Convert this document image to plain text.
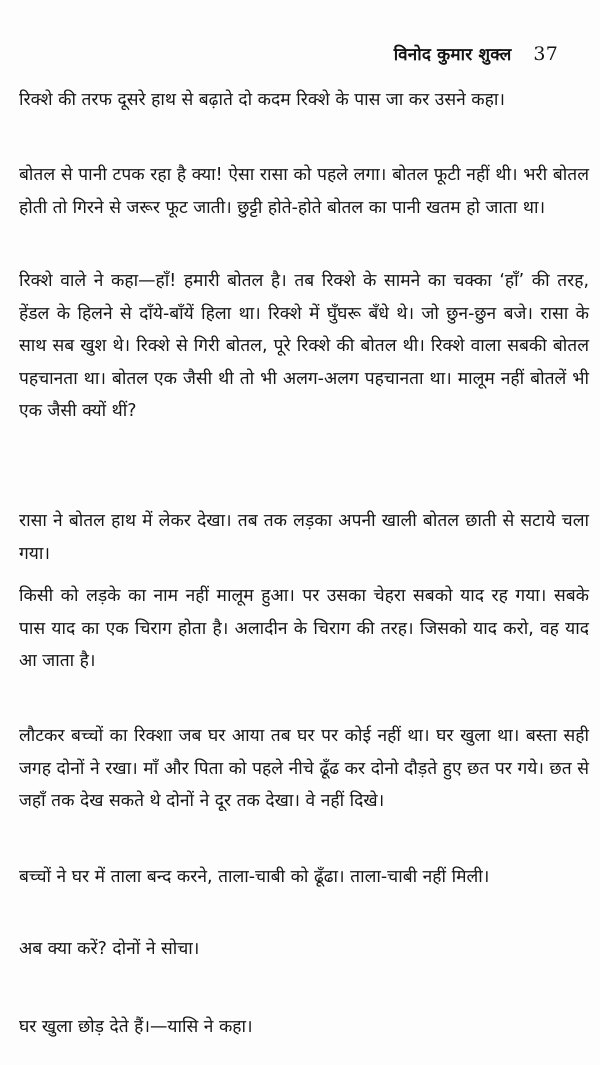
विनोद कुमार शुक्ल 37

रिक्शे की तरफ दूसरे हाथ से बढ़ाते दो कदम रिक्शे के पास जा कर उसने कहा।

बोतल से पानी टपक रहा है क्या! ऐसा रासा को पहले लगा। बोतल फूटी नहीं थी। भरी बोतल होती तो गिरने से जरूर फूट जाती। छुट्टी होते-होते बोतल का पानी खतम हो जाता था।

रिक्शे वाले ने कहा—हाँ! हमारी बोतल है। तब रिक्शे के सामने का चक्का ‘हाँ’ की तरह, हेंडल के हिलने से दाँये-बाँयें हिला था। रिक्शे में घुँघरू बँधे थे। जो छुन-छुन बजे। रासा के साथ सब खुश थे। रिक्शे से गिरी बोतल, पूरे रिक्शे की बोतल थी। रिक्शे वाला सबकी बोतल पहचानता था। बोतल एक जैसी थी तो भी अलग-अलग पहचानता था। मालूम नहीं बोतलें भी एक जैसी क्यों थीं?

रासा ने बोतल हाथ में लेकर देखा। तब तक लड़का अपनी खाली बोतल छाती से सटाये चला गया।

किसी को लड़के का नाम नहीं मालूम हुआ। पर उसका चेहरा सबको याद रह गया। सबके पास याद का एक चिराग होता है। अलादीन के चिराग की तरह। जिसको याद करो, वह याद आ जाता है।

लौटकर बच्चों का रिक्शा जब घर आया तब घर पर कोई नहीं था। घर खुला था। बस्ता सही जगह दोनों ने रखा। माँ और पिता को पहले नीचे ढूँढ कर दोनो दौड़ते हुए छत पर गये। छत से जहाँ तक देख सकते थे दोनों ने दूर तक देखा। वे नहीं दिखे।

बच्चों ने घर में ताला बन्द करने, ताला-चाबी को ढूँढा। ताला-चाबी नहीं मिली।

अब क्या करें? दोनों ने सोचा।

घर खुला छोड़ देते हैं।—यासि ने कहा।
